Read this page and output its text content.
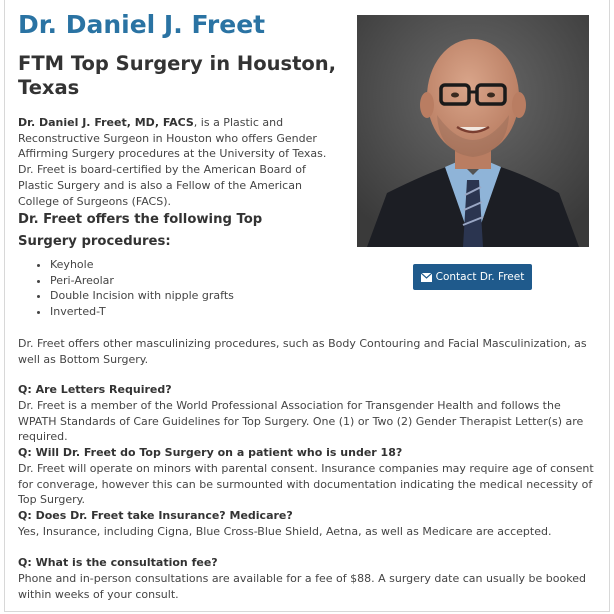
Dr. Daniel J. Freet
FTM Top Surgery in Houston, Texas

Dr. Daniel J. Freet, MD, FACS, is a Plastic and Reconstructive Surgeon in Houston who offers Gender Affirming Surgery procedures at the University of Texas. Dr. Freet is board-certified by the American Board of Plastic Surgery and is also a Fellow of the American College of Surgeons (FACS).

Dr. Freet offers the following Top Surgery procedures:
• Keyhole
• Peri-Areolar
• Double Incision with nipple grafts
• Inverted-T
Contact Dr. Freet

Dr. Freet offers other masculinizing procedures, such as Body Contouring and Facial Masculinization, as well as Bottom Surgery.

Q: Are Letters Required?

Dr. Freet is a member of the World Professional Association for Transgender Health and follows the WPATH Standards of Care Guidelines for Top Surgery. One (1) or Two (2) Gender Therapist Letter(s) are required.

Q: Will Dr. Freet do Top Surgery on a patient who is under 18?

Dr. Freet will operate on minors with parental consent. Insurance companies may require age of consent for converage, however this can be surmounted with documentation indicating the medical necessity of Top Surgery.

Q: Does Dr. Freet take Insurance? Medicare?

Yes, Insurance, including Cigna, Blue Cross-Blue Shield, Aetna, as well as Medicare are accepted.

Q: What is the consultation fee?

Phone and in-person consultations are available for a fee of $88. A surgery date can usually be booked within weeks of your consult.
